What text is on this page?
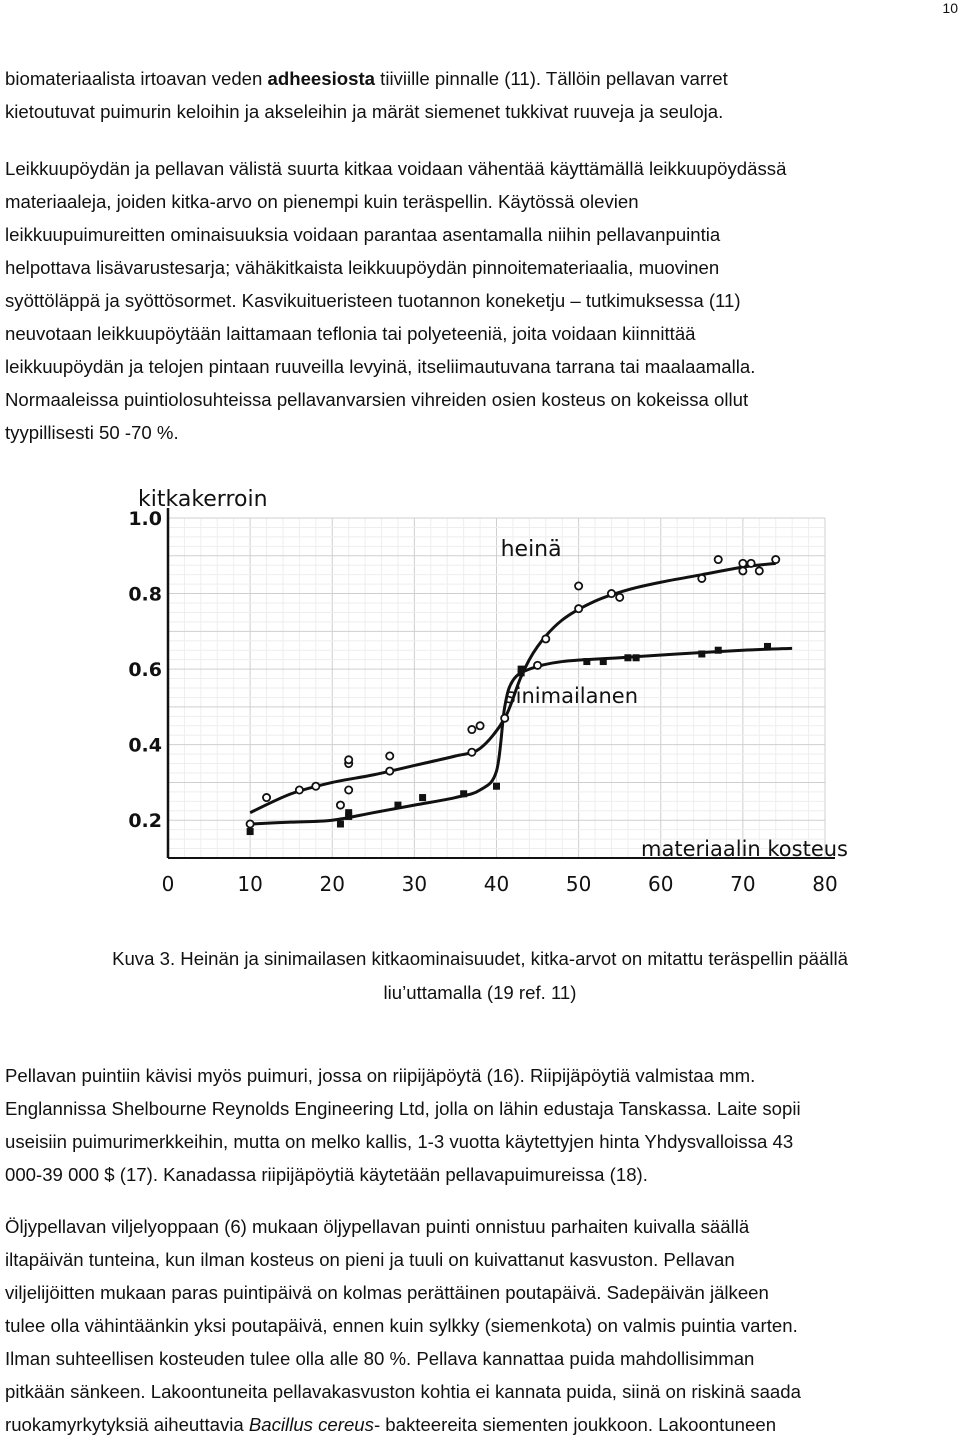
10

biomateriaalista irtoavan veden adheesiosta tiiviille pinnalle (11). Tällöin pellavan varret
kietoutuvat puimurin keloihin ja akseleihin ja märät siemenet tukkivat ruuveja ja seuloja.

Leikkuupöydän ja pellavan välistä suurta kitkaa voidaan vähentää käyttämällä leikkuupöydässä
materiaaleja, joiden kitka-arvo on pienempi kuin teräspellin. Käytössä olevien
leikkuupuimureitten ominaisuuksia voidaan parantaa asentamalla niihin pellavanpuintia
helpottava lisävarustesarja; vähäkitkaista leikkuupöydän pinnoitemateriaalia, muovinen
syöttöläppä ja syöttösormet. Kasvikuitueristeen tuotannon koneketju – tutkimuksessa (11)
neuvotaan leikkuupöytään laittamaan teflonia tai polyeteeniä, joita voidaan kiinnittää
leikkuupöydän ja telojen pintaan ruuveilla levyinä, itseliimautuvana tarrana tai maalaamalla.
Normaaleissa puintiolosuhteissa pellavanvarsien vihreiden osien kosteus on kokeissa ollut
tyypillisesti 50 -70 %.

1.0
0.8
0.6
0.4
0.2
0	10	20	30	40	50	60	70	80
kitkakerroin
materiaalin kosteus
heinä
sinimailanen
Kuva 3. Heinän ja sinimailasen kitkaominaisuudet, kitka-arvot on mitattu teräspellin päällä
liu’uttamalla (19 ref. 11)

Pellavan puintiin kävisi myös puimuri, jossa on riipijäpöytä (16). Riipijäpöytiä valmistaa mm.
Englannissa Shelbourne Reynolds Engineering Ltd, jolla on lähin edustaja Tanskassa. Laite sopii
useisiin puimurimerkkeihin, mutta on melko kallis, 1-3 vuotta käytettyjen hinta Yhdysvalloissa 43
000-39 000 $ (17). Kanadassa riipijäpöytiä käytetään pellavapuimureissa (18).

Öljypellavan viljelyoppaan (6) mukaan öljypellavan puinti onnistuu parhaiten kuivalla säällä
iltapäivän tunteina, kun ilman kosteus on pieni ja tuuli on kuivattanut kasvuston. Pellavan
viljelijöitten mukaan paras puintipäivä on kolmas perättäinen poutapäivä. Sadepäivän jälkeen
tulee olla vähintäänkin yksi poutapäivä, ennen kuin sylkky (siemenkota) on valmis puintia varten.
Ilman suhteellisen kosteuden tulee olla alle 80 %. Pellava kannattaa puida mahdollisimman
pitkään sänkeen. Lakoontuneita pellavakasvuston kohtia ei kannata puida, siinä on riskinä saada
ruokamyrkytyksiä aiheuttavia Bacillus cereus- bakteereita siementen joukkoon. Lakoontuneen
